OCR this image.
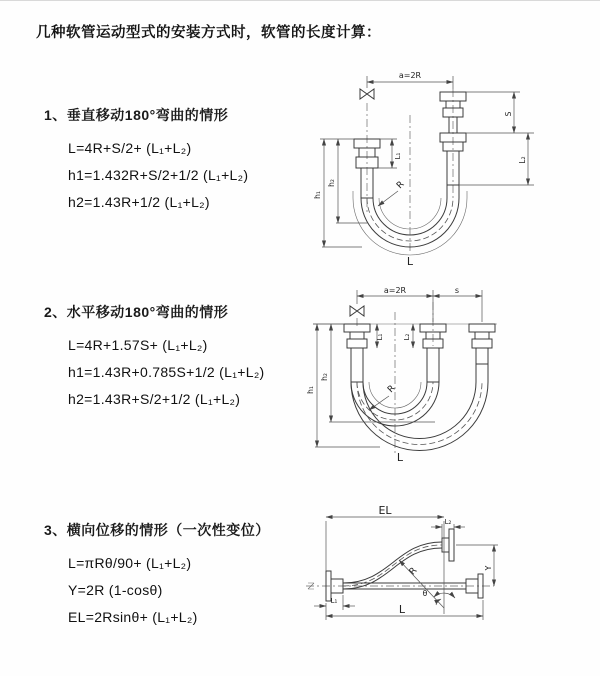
几种软管运动型式的安装方式时，软管的长度计算：
1、垂直移动180°弯曲的情形
L=4R+S/2+ (L₁+L₂)
h1=1.432R+S/2+1/2 (L₁+L₂)
h2=1.43R+1/2 (L₁+L₂)
a=2R
L₁
h₁
h₂
S
L₂
R
L
2、水平移动180°弯曲的情形
L=4R+1.57S+ (L₁+L₂)
h1=1.43R+0.785S+1/2 (L₁+L₂)
h2=1.43R+S/2+1/2 (L₁+L₂)
a=2R	s
h₁
h₂
L₁	L₂
R
L
3、横向位移的情形（一次性变位）
L=πRθ/90+ (L₁+L₂)
Y=2R (1-cosθ)
EL=2Rsinθ+ (L₁+L₂)
EL
L₂
Y
R
θ
L
L₁
